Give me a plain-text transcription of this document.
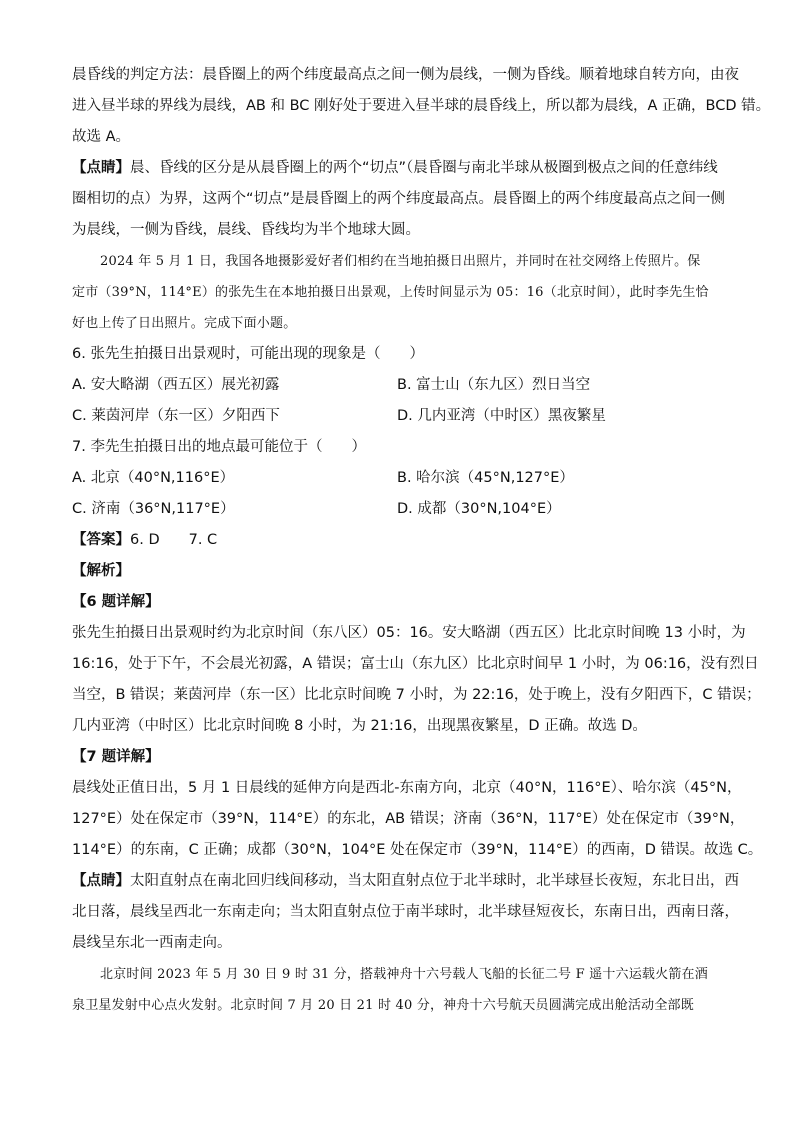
晨昏线的判定方法：晨昏圈上的两个纬度最高点之间一侧为晨线，一侧为昏线。顺着地球自转方向，由夜

进入昼半球的界线为晨线，AB 和 BC 刚好处于要进入昼半球的晨昏线上，所以都为晨线，A 正确，BCD 错。

故选 A。

【点睛】晨、昏线的区分是从晨昏圈上的两个“切点”（晨昏圈与南北半球从极圈到极点之间的任意纬线

圈相切的点）为界，这两个“切点”是晨昏圈上的两个纬度最高点。晨昏圈上的两个纬度最高点之间一侧

为晨线，一侧为昏线，晨线、昏线均为半个地球大圆。

2024 年 5 月 1 日，我国各地摄影爱好者们相约在当地拍摄日出照片，并同时在社交网络上传照片。保

定市（39°N，114°E）的张先生在本地拍摄日出景观，上传时间显示为 05：16（北京时间），此时李先生恰

好也上传了日出照片。完成下面小题。

6. 张先生拍摄日出景观时，可能出现的现象是（　　）

A. 安大略湖（西五区）展光初露	B. 富士山（东九区）烈日当空
C. 莱茵河岸（东一区）夕阳西下	D. 几内亚湾（中时区）黑夜繁星

7. 李先生拍摄日出的地点最可能位于（　　）

A. 北京（40°N,116°E）	B. 哈尔滨（45°N,127°E）
C. 济南（36°N,117°E）	D. 成都（30°N,104°E）

【答案】6. D　　7. C

【解析】

【6 题详解】

张先生拍摄日出景观时约为北京时间（东八区）05：16。安大略湖（西五区）比北京时间晚 13 小时，为

16:16，处于下午，不会晨光初露，A 错误；富士山（东九区）比北京时间早 1 小时，为 06:16，没有烈日

当空，B 错误；莱茵河岸（东一区）比北京时间晚 7 小时，为 22:16，处于晚上，没有夕阳西下，C 错误；

几内亚湾（中时区）比北京时间晚 8 小时，为 21:16，出现黑夜繁星，D 正确。故选 D。

【7 题详解】

晨线处正值日出，5 月 1 日晨线的延伸方向是西北-东南方向，北京（40°N，116°E）、哈尔滨（45°N，

127°E）处在保定市（39°N，114°E）的东北，AB 错误；济南（36°N，117°E）处在保定市（39°N，

114°E）的东南，C 正确；成都（30°N，104°E 处在保定市（39°N，114°E）的西南，D 错误。故选 C。

【点睛】太阳直射点在南北回归线间移动，当太阳直射点位于北半球时，北半球昼长夜短，东北日出，西

北日落，晨线呈西北一东南走向；当太阳直射点位于南半球时，北半球昼短夜长，东南日出，西南日落，

晨线呈东北一西南走向。

北京时间 2023 年 5 月 30 日 9 时 31 分，搭载神舟十六号载人飞船的长征二号 F 遥十六运载火箭在酒

泉卫星发射中心点火发射。北京时间 7 月 20 日 21 时 40 分，神舟十六号航天员圆满完成出舱活动全部既
